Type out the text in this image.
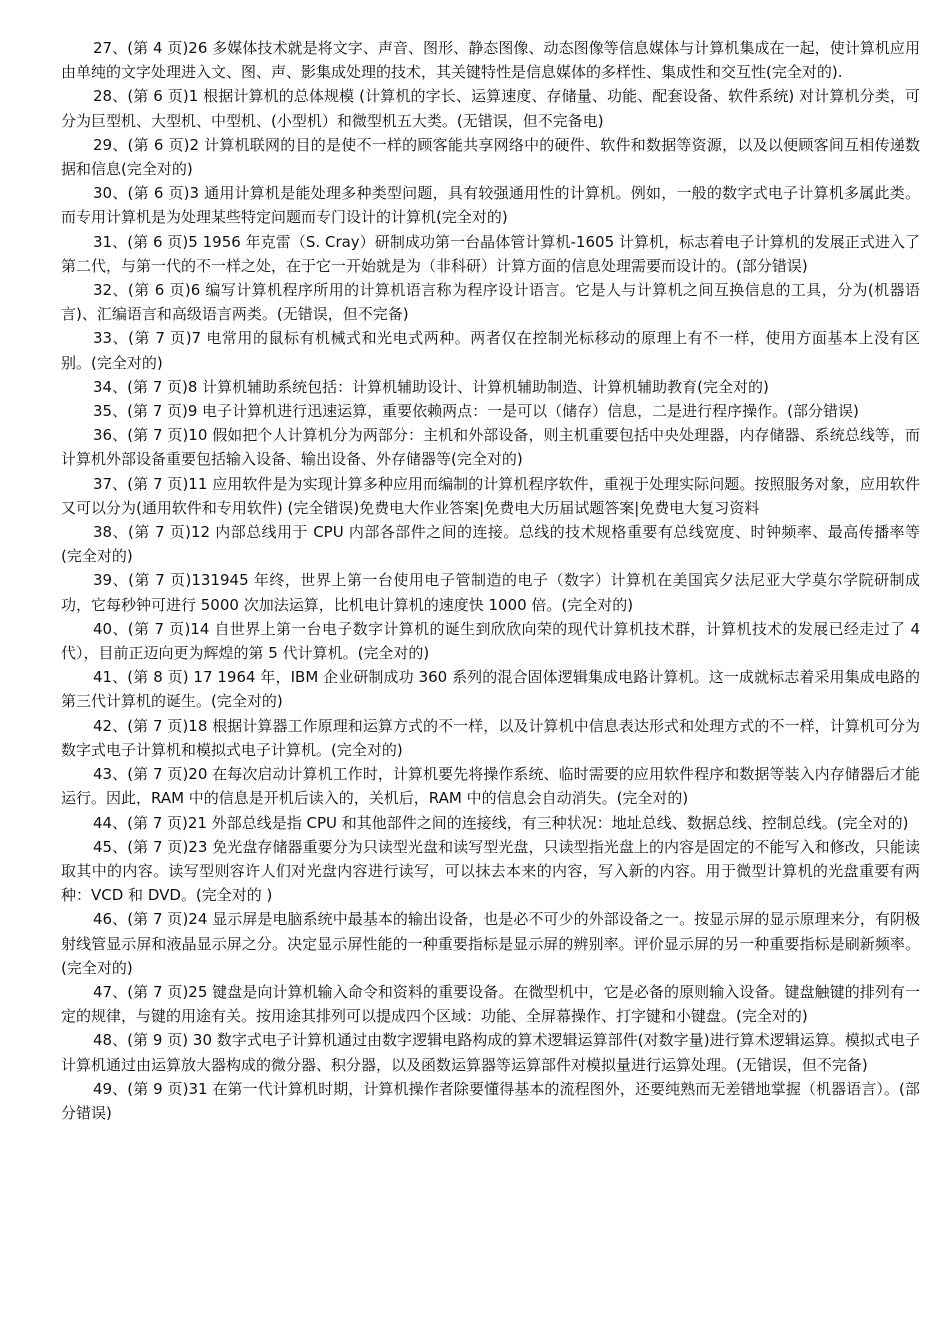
27、(第 4 页)26 多媒体技术就是将文字、声音、图形、静态图像、动态图像等信息媒体与计算机集成在一起，使计算机应用由单纯的文字处理进入文、图、声、影集成处理的技术，其关键特性是信息媒体的多样性、集成性和交互性(完全对的).

28、(第 6 页)1 根据计算机的总体规模 (计算机的字长、运算速度、存储量、功能、配套设备、软件系统) 对计算机分类，可分为巨型机、大型机、中型机、(小型机）和微型机五大类。(无错误，但不完备电)

29、(第 6 页)2 计算机联网的目的是使不一样的顾客能共享网络中的硬件、软件和数据等资源，以及以便顾客间互相传递数据和信息(完全对的)

30、(第 6 页)3 通用计算机是能处理多种类型问题，具有较强通用性的计算机。例如，一般的数字式电子计算机多属此类。而专用计算机是为处理某些特定问题而专门设计的计算机(完全对的)

31、(第 6 页)5 1956 年克雷（S. Cray）研制成功第一台晶体管计算机-1605 计算机，标志着电子计算机的发展正式进入了 第二代，与第一代的不一样之处，在于它一开始就是为（非科研）计算方面的信息处理需要而设计的。(部分错误)

32、(第 6 页)6 编写计算机程序所用的计算机语言称为程序设计语言。它是人与计算机之间互换信息的工具，分为(机器语言)、汇编语言和高级语言两类。(无错误，但不完备)

33、(第 7 页)7 电常用的鼠标有机械式和光电式两种。两者仅在控制光标移动的原理上有不一样，使用方面基本上没有区别。(完全对的)

34、(第 7 页)8 计算机辅助系统包括：计算机辅助设计、计算机辅助制造、计算机辅助教育(完全对的)

35、(第 7 页)9 电子计算机进行迅速运算，重要依赖两点：一是可以（储存）信息，二是进行程序操作。(部分错误)

36、(第 7 页)10 假如把个人计算机分为两部分：主机和外部设备，则主机重要包括中央处理器，内存储器、系统总线等，而计算机外部设备重要包括输入设备、输出设备、外存储器等(完全对的)

37、(第 7 页)11 应用软件是为实现计算多种应用而编制的计算机程序软件，重视于处理实际问题。按照服务对象，应用软件又可以分为(通用软件和专用软件) (完全错误)免费电大作业答案|免费电大历届试题答案|免费电大复习资料

38、(第 7 页)12 内部总线用于 CPU 内部各部件之间的连接。总线的技术规格重要有总线宽度、时钟频率、最高传播率等 (完全对的)

39、(第 7 页)131945 年终，世界上第一台使用电子管制造的电子（数字）计算机在美国宾夕法尼亚大学莫尔学院研制成功，它每秒钟可进行 5000 次加法运算，比机电计算机的速度快 1000 倍。(完全对的)

40、(第 7 页)14 自世界上第一台电子数字计算机的诞生到欣欣向荣的现代计算机技术群，计算机技术的发展已经走过了 4 代），目前正迈向更为辉煌的第 5 代计算机。(完全对的)

41、(第 8 页) 17 1964 年，IBM 企业研制成功 360 系列的混合固体逻辑集成电路计算机。这一成就标志着采用集成电路的第三代计算机的诞生。(完全对的)

42、(第 7 页)18 根据计算器工作原理和运算方式的不一样，以及计算机中信息表达形式和处理方式的不一样，计算机可分为数字式电子计算机和模拟式电子计算机。(完全对的)

43、(第 7 页)20 在每次启动计算机工作时，计算机要先将操作系统、临时需要的应用软件程序和数据等装入内存储器后才能运行。因此，RAM 中的信息是开机后读入的，关机后，RAM 中的信息会自动消失。(完全对的)

44、(第 7 页)21 外部总线是指 CPU 和其他部件之间的连接线，有三种状况：地址总线、数据总线、控制总线。(完全对的)

45、(第 7 页)23 免光盘存储器重要分为只读型光盘和读写型光盘，只读型指光盘上的内容是固定的不能写入和修改，只能读取其中的内容。读写型则容许人们对光盘内容进行读写，可以抹去本来的内容，写入新的内容。用于微型计算机的光盘重要有两种：VCD 和 DVD。(完全对的 )

46、(第 7 页)24 显示屏是电脑系统中最基本的输出设备，也是必不可少的外部设备之一。按显示屏的显示原理来分，有阴极射线管显示屏和液晶显示屏之分。决定显示屏性能的一种重要指标是显示屏的辨别率。评价显示屏的另一种重要指标是刷新频率。(完全对的)

47、(第 7 页)25 键盘是向计算机输入命令和资料的重要设备。在微型机中，它是必备的原则输入设备。键盘触键的排列有一定的规律，与键的用途有关。按用途其排列可以提成四个区域：功能、全屏幕操作、打字键和小键盘。(完全对的)

48、(第 9 页) 30 数字式电子计算机通过由数字逻辑电路构成的算术逻辑运算部件(对数字量)进行算术逻辑运算。模拟式电子计算机通过由运算放大器构成的微分器、积分器，以及函数运算器等运算部件对模拟量进行运算处理。(无错误，但不完备)

49、(第 9 页)31 在第一代计算机时期，计算机操作者除要懂得基本的流程图外，还要纯熟而无差错地掌握（机器语言）。(部分错误)
